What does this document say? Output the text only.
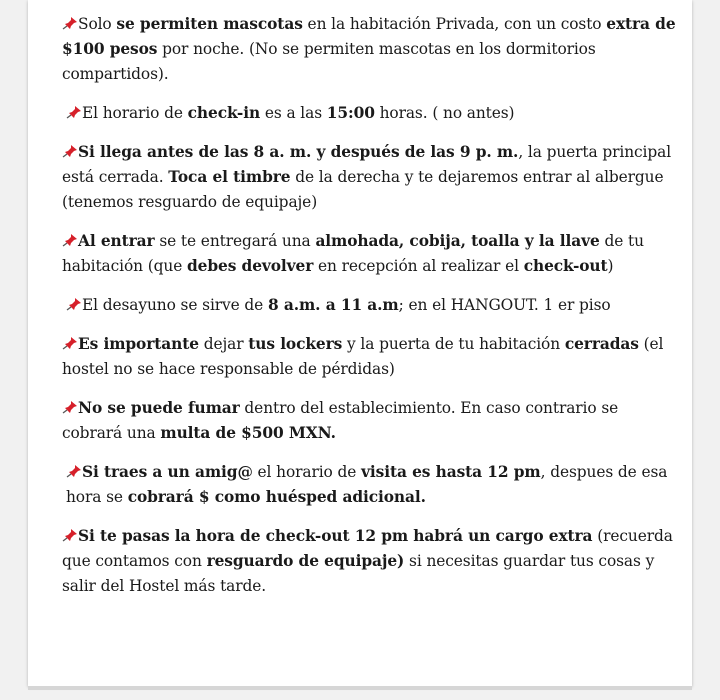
Solo se permiten mascotas en la habitación Privada, con un costo extra de $100 pesos por noche. (No se permiten mascotas en los dormitorios compartidos).

El horario de check-in es a las 15:00 horas. ( no antes)

Si llega antes de las 8 a. m. y después de las 9 p. m., la puerta principal está cerrada. Toca el timbre de la derecha y te dejaremos entrar al albergue (tenemos resguardo de equipaje)

Al entrar se te entregará una almohada, cobija, toalla y la llave de tu habitación (que debes devolver en recepción al realizar el check-out)

El desayuno se sirve de 8 a.m. a 11 a.m; en el HANGOUT. 1 er piso

Es importante dejar tus lockers y la puerta de tu habitación cerradas (el hostel no se hace responsable de pérdidas)

No se puede fumar dentro del establecimiento. En caso contrario se cobrará una multa de $500 MXN.

Si traes a un amig@ el horario de visita es hasta 12 pm, despues de esa hora se cobrará $ como huésped adicional.

Si te pasas la hora de check-out 12 pm habrá un cargo extra (recuerda que contamos con resguardo de equipaje) si necesitas guardar tus cosas y salir del Hostel más tarde.
